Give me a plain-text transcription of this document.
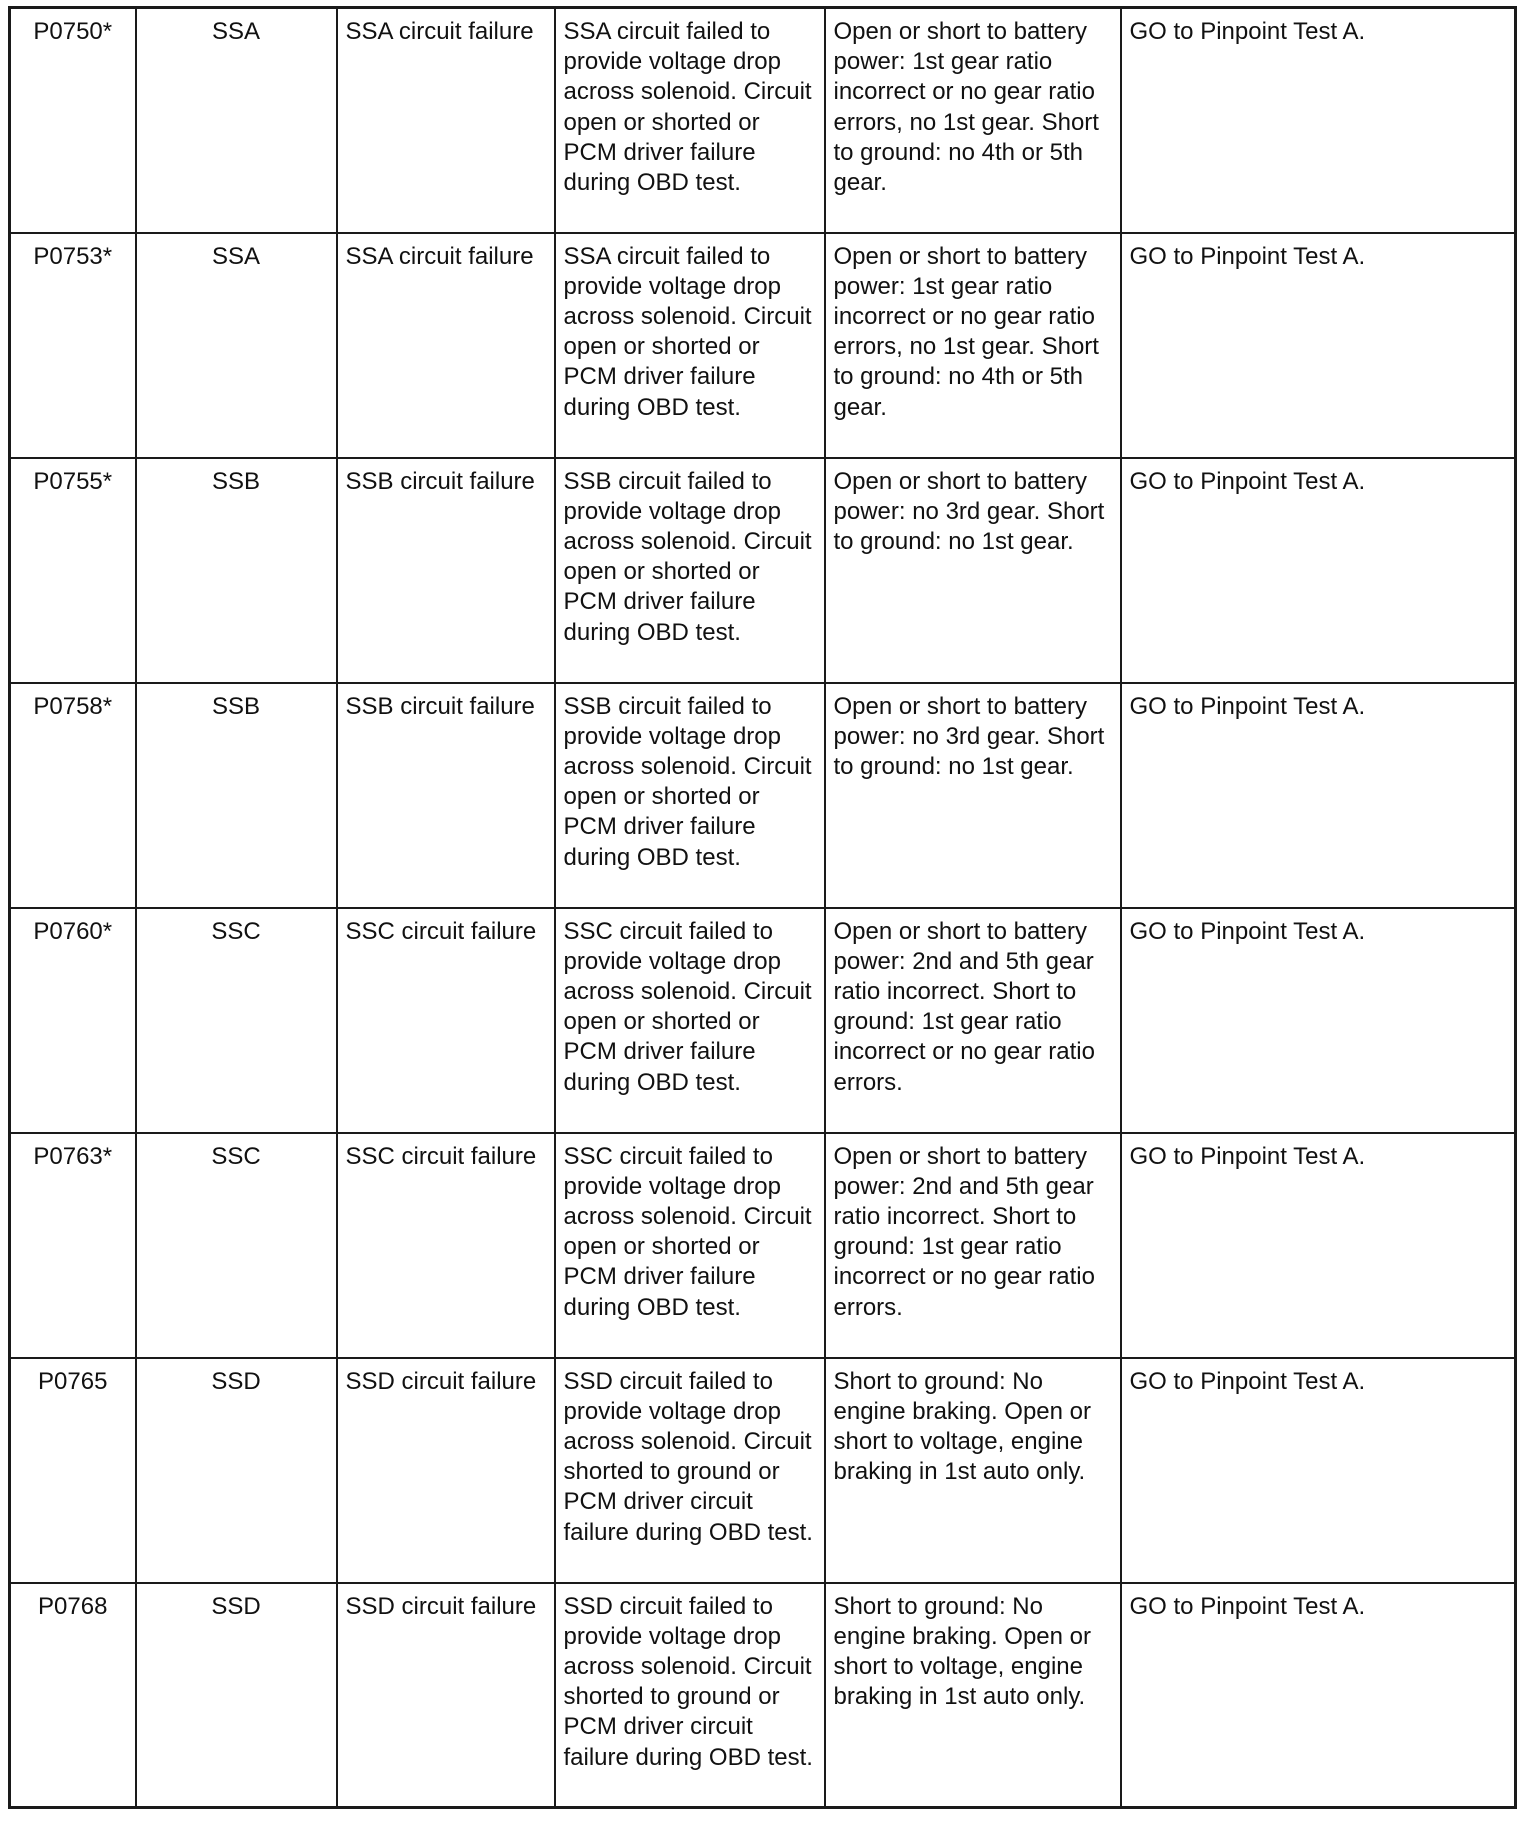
P0750*	SSA	SSA circuit failure	SSA circuit failed to provide voltage drop across solenoid. Circuit open or shorted or PCM driver failure during OBD test.	Open or short to battery power: 1st gear ratio incorrect or no gear ratio errors, no 1st gear. Short to ground: no 4th or 5th gear.	GO to Pinpoint Test A.
P0753*	SSA	SSA circuit failure	SSA circuit failed to provide voltage drop across solenoid. Circuit open or shorted or PCM driver failure during OBD test.	Open or short to battery power: 1st gear ratio incorrect or no gear ratio errors, no 1st gear. Short to ground: no 4th or 5th gear.	GO to Pinpoint Test A.
P0755*	SSB	SSB circuit failure	SSB circuit failed to provide voltage drop across solenoid. Circuit open or shorted or PCM driver failure during OBD test.	Open or short to battery power: no 3rd gear. Short to ground: no 1st gear.	GO to Pinpoint Test A.
P0758*	SSB	SSB circuit failure	SSB circuit failed to provide voltage drop across solenoid. Circuit open or shorted or PCM driver failure during OBD test.	Open or short to battery power: no 3rd gear. Short to ground: no 1st gear.	GO to Pinpoint Test A.
P0760*	SSC	SSC circuit failure	SSC circuit failed to provide voltage drop across solenoid. Circuit open or shorted or PCM driver failure during OBD test.	Open or short to battery power: 2nd and 5th gear ratio incorrect. Short to ground: 1st gear ratio incorrect or no gear ratio errors.	GO to Pinpoint Test A.
P0763*	SSC	SSC circuit failure	SSC circuit failed to provide voltage drop across solenoid. Circuit open or shorted or PCM driver failure during OBD test.	Open or short to battery power: 2nd and 5th gear ratio incorrect. Short to ground: 1st gear ratio incorrect or no gear ratio errors.	GO to Pinpoint Test A.
P0765	SSD	SSD circuit failure	SSD circuit failed to provide voltage drop across solenoid. Circuit shorted to ground or PCM driver circuit failure during OBD test.	Short to ground: No engine braking. Open or short to voltage, engine braking in 1st auto only.	GO to Pinpoint Test A.
P0768	SSD	SSD circuit failure	SSD circuit failed to provide voltage drop across solenoid. Circuit shorted to ground or PCM driver circuit failure during OBD test.	Short to ground: No engine braking. Open or short to voltage, engine braking in 1st auto only.	GO to Pinpoint Test A.
